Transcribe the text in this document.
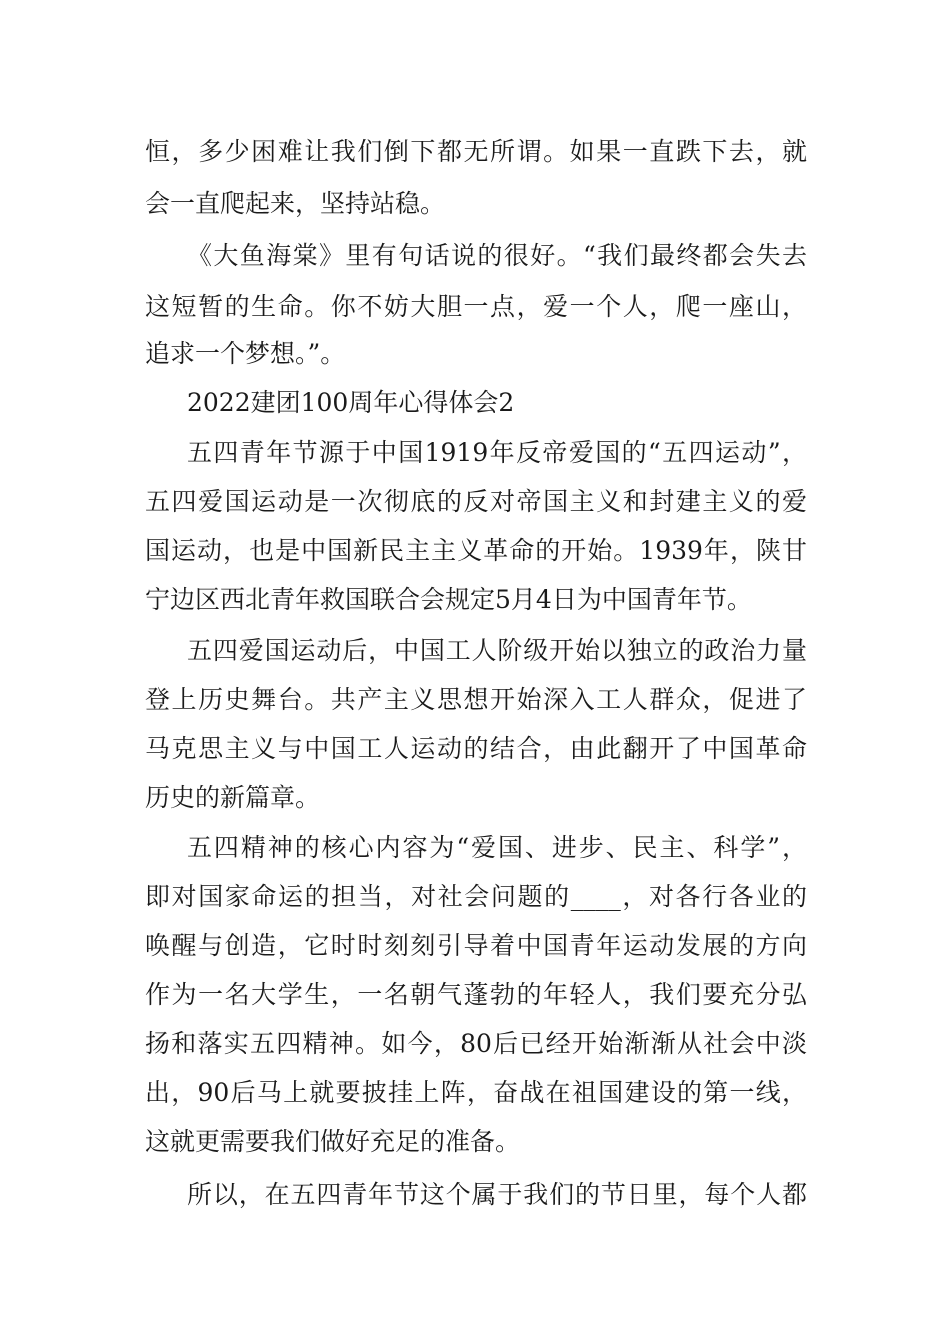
恒，多少困难让我们倒下都无所谓。如果一直跌下去，就
会一直爬起来，坚持站稳。
《大鱼海棠》里有句话说的很好。“我们最终都会失去
这短暂的生命。你不妨大胆一点，爱一个人，爬一座山，
追求一个梦想。”。
2022建团100周年心得体会2
五四青年节源于中国1919年反帝爱国的“五四运动”，
五四爱国运动是一次彻底的反对帝国主义和封建主义的爱
国运动，也是中国新民主主义革命的开始。1939年，陕甘
宁边区西北青年救国联合会规定5月4日为中国青年节。
五四爱国运动后，中国工人阶级开始以独立的政治力量
登上历史舞台。共产主义思想开始深入工人群众，促进了
马克思主义与中国工人运动的结合，由此翻开了中国革命
历史的新篇章。
五四精神的核心内容为“爱国、进步、民主、科学”，
即对国家命运的担当，对社会问题的____，对各行各业的
唤醒与创造，它时时刻刻引导着中国青年运动发展的方向
作为一名大学生，一名朝气蓬勃的年轻人，我们要充分弘
扬和落实五四精神。如今，80后已经开始渐渐从社会中淡
出，90后马上就要披挂上阵，奋战在祖国建设的第一线，
这就更需要我们做好充足的准备。
所以，在五四青年节这个属于我们的节日里，每个人都
